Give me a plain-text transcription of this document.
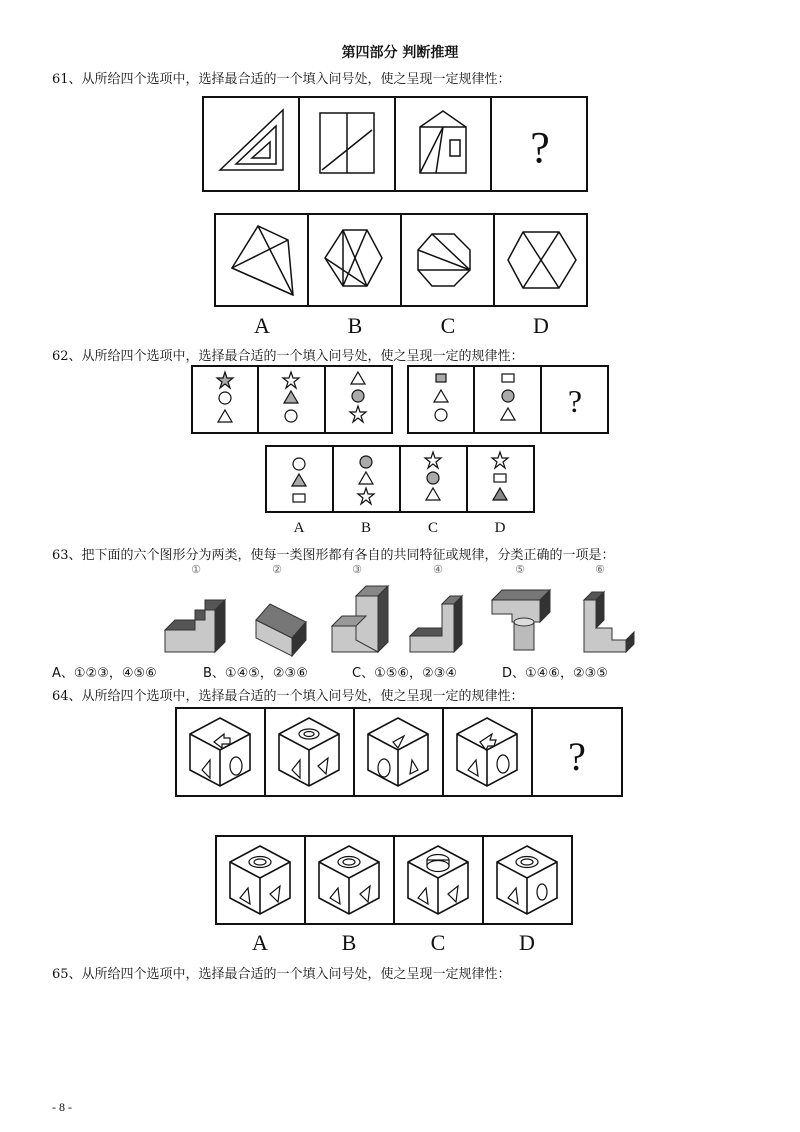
第四部分 判断推理
61、从所给四个选项中，选择最合适的一个填入问号处，使之呈现一定规律性：
?
A	B	C	D
62、从所给四个选项中，选择最合适的一个填入问号处，使之呈现一定的规律性：
?
A	B	C	D
63、把下面的六个图形分为两类，使每一类图形都有各自的共同特征或规律，分类正确的一项是：
①	②	③	④	⑤	⑥
A、①②③，④⑤⑥	B、①④⑤，②③⑥	C、①⑤⑥，②③④	D、①④⑥，②③⑤
64、从所给四个选项中，选择最合适的一个填入问号处，使之呈现一定的规律性：
?
A	B	C	D
65、从所给四个选项中，选择最合适的一个填入问号处，使之呈现一定规律性：
- 8 -
